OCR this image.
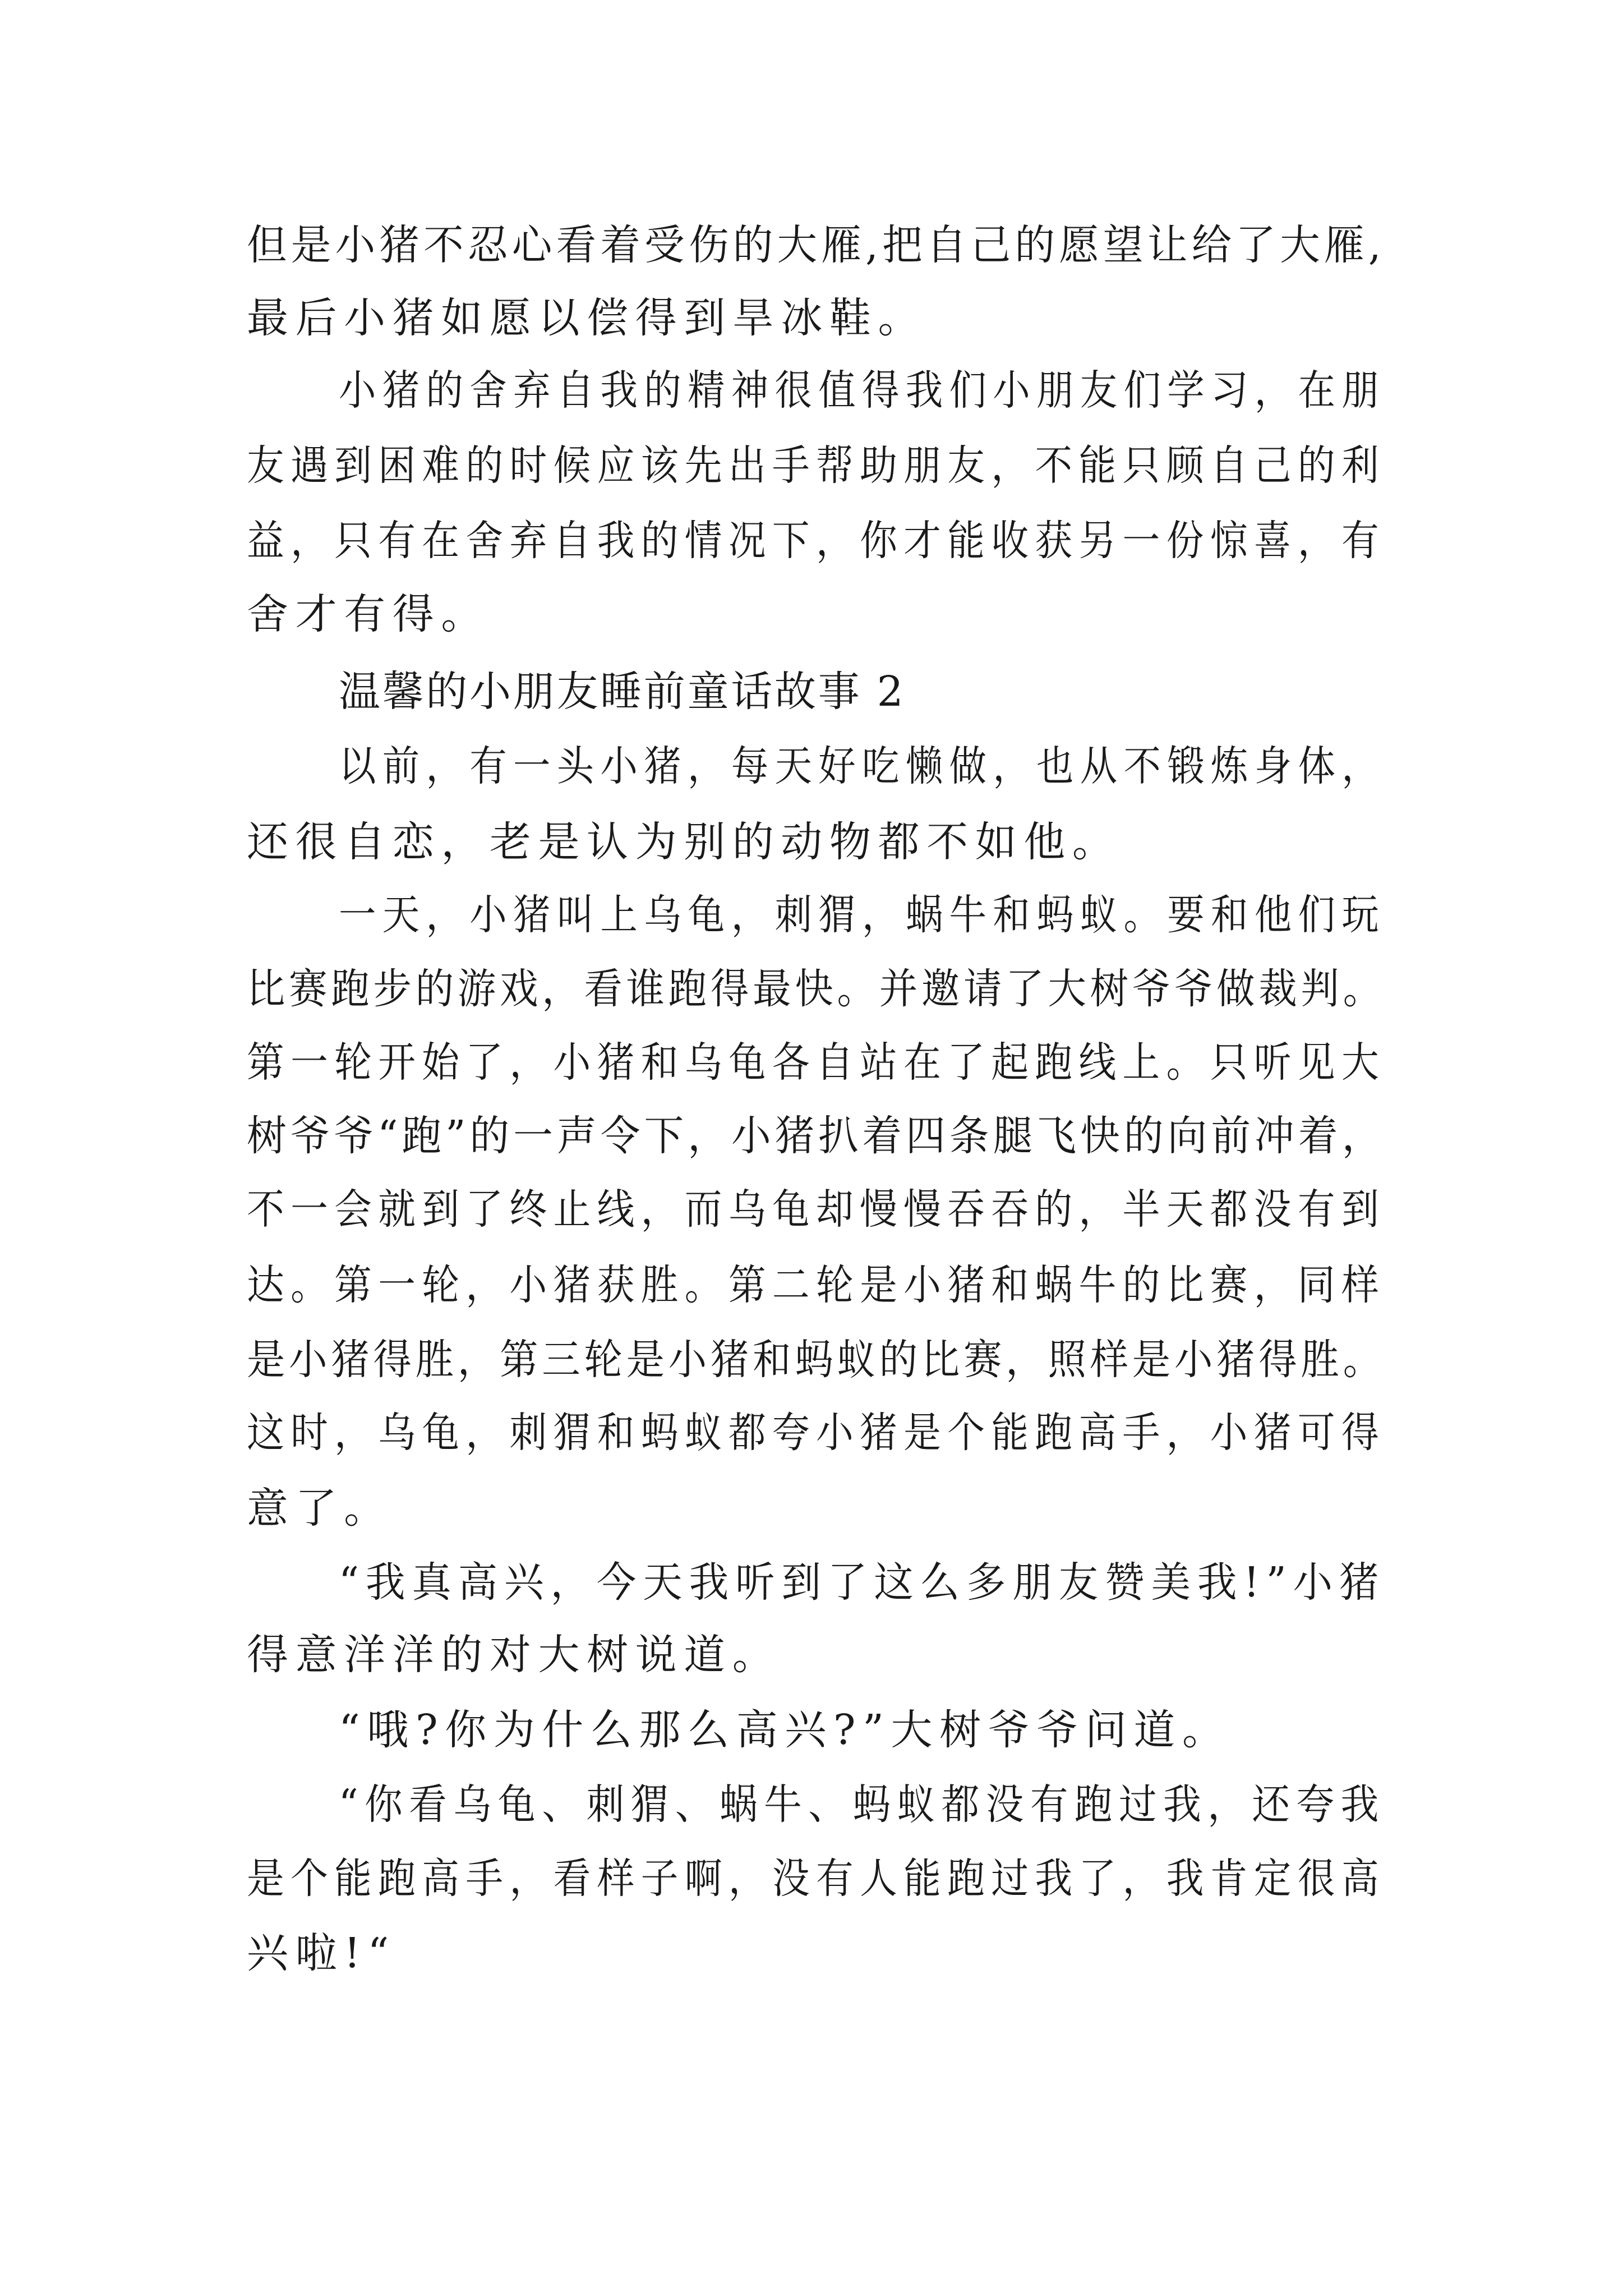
但是小猪不忍心看着受伤的大雁,把自己的愿望让给了大雁,

最后小猪如愿以偿得到旱冰鞋。

小猪的舍弃自我的精神很值得我们小朋友们学习，在朋

友遇到困难的时候应该先出手帮助朋友，不能只顾自己的利

益，只有在舍弃自我的情况下，你才能收获另一份惊喜，有

舍才有得。

温馨的小朋友睡前童话故事 2

以前，有一头小猪，每天好吃懒做，也从不锻炼身体，

还很自恋，老是认为别的动物都不如他。

一天，小猪叫上乌龟，刺猬，蜗牛和蚂蚁。要和他们玩

比赛跑步的游戏，看谁跑得最快。并邀请了大树爷爷做裁判。

第一轮开始了，小猪和乌龟各自站在了起跑线上。只听见大

树爷爷“跑”的一声令下，小猪扒着四条腿飞快的向前冲着，

不一会就到了终止线，而乌龟却慢慢吞吞的，半天都没有到

达。第一轮，小猪获胜。第二轮是小猪和蜗牛的比赛，同样

是小猪得胜，第三轮是小猪和蚂蚁的比赛，照样是小猪得胜。

这时，乌龟，刺猬和蚂蚁都夸小猪是个能跑高手，小猪可得

意了。

“我真高兴，今天我听到了这么多朋友赞美我!”小猪

得意洋洋的对大树说道。

“哦?你为什么那么高兴?”大树爷爷问道。

“你看乌龟、刺猬、蜗牛、蚂蚁都没有跑过我，还夸我

是个能跑高手，看样子啊，没有人能跑过我了，我肯定很高

兴啦!“
